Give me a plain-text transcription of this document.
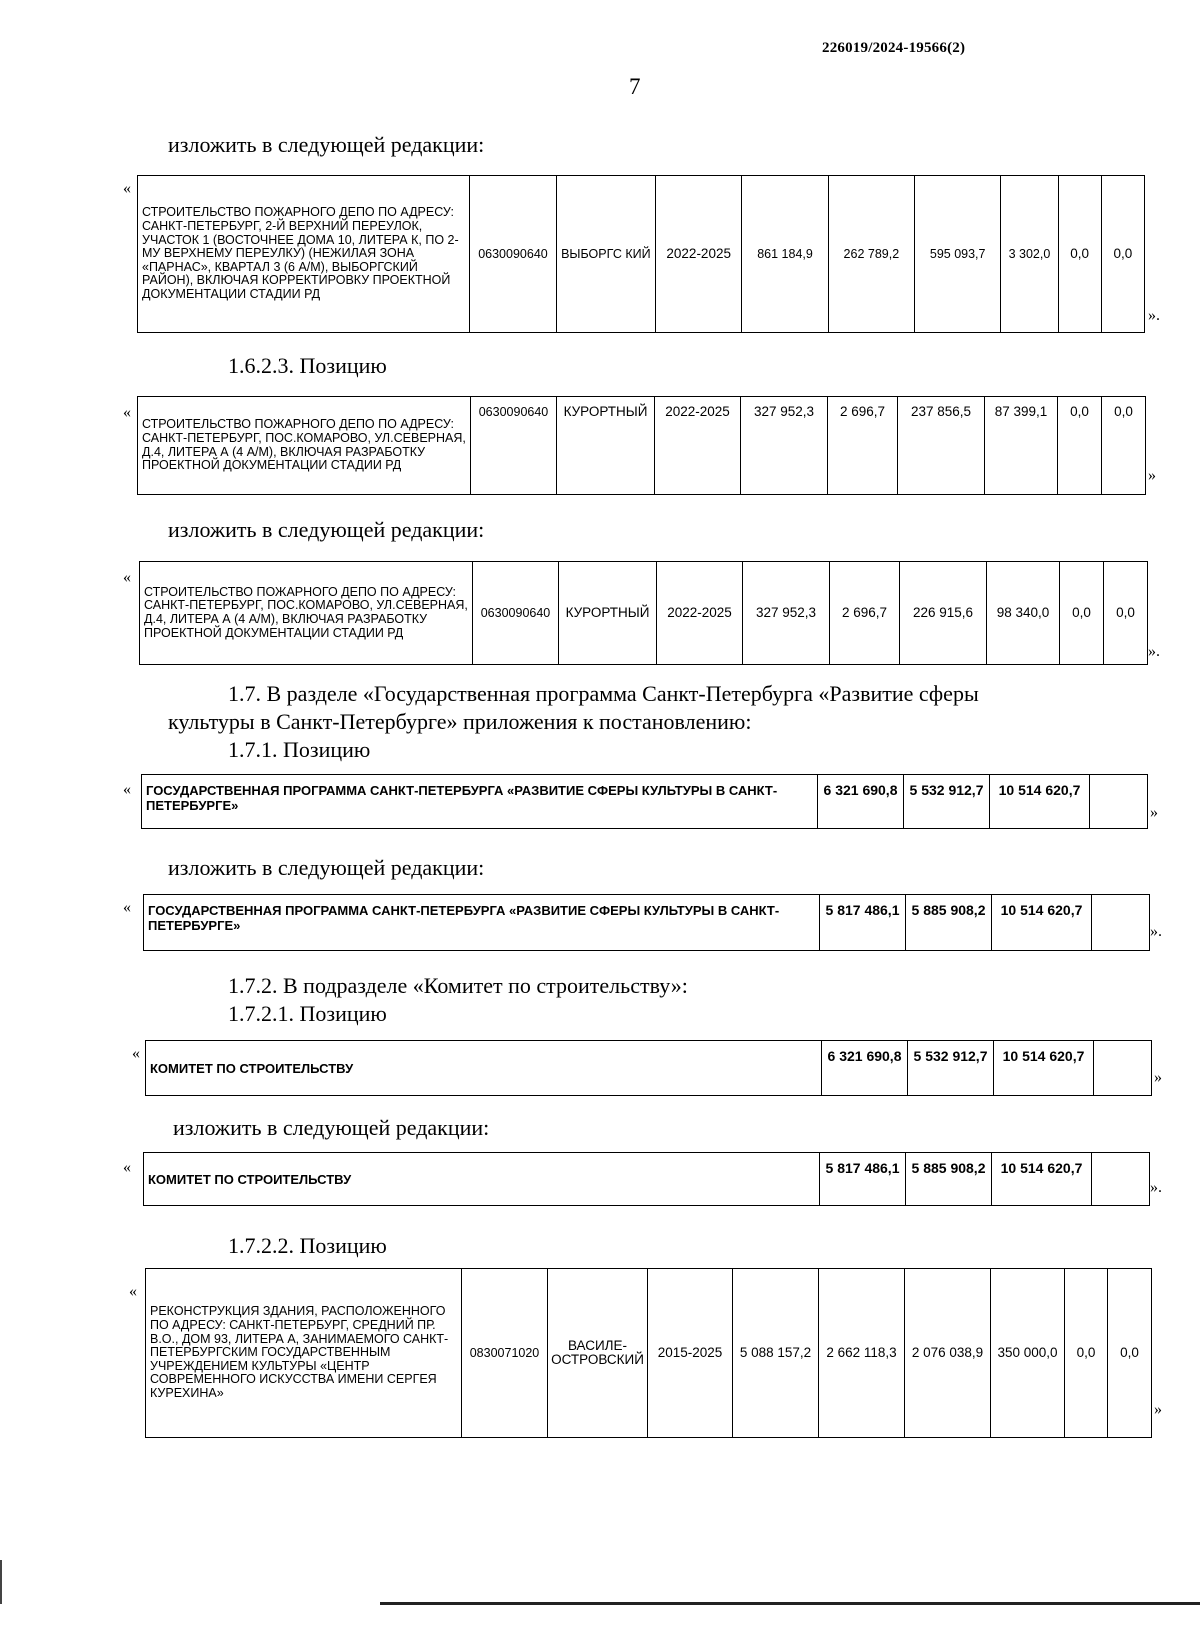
226019/2024-19566(2)
7
изложить в следующей редакции:
«
СТРОИТЕЛЬСТВО ПОЖАРНОГО ДЕПО ПО АДРЕСУ: САНКТ-ПЕТЕРБУРГ, 2-Й ВЕРХНИЙ ПЕРЕУЛОК, УЧАСТОК 1 (ВОСТОЧНЕЕ ДОМА 10, ЛИТЕРА К, ПО 2-МУ ВЕРХНЕМУ ПЕРЕУЛКУ) (НЕЖИЛАЯ ЗОНА «ПАРНАС», КВАРТАЛ 3 (6 А/М), ВЫБОРГСКИЙ РАЙОН), ВКЛЮЧАЯ КОРРЕКТИРОВКУ ПРОЕКТНОЙ ДОКУМЕНТАЦИИ СТАДИИ РД	0630090640	ВЫБОРГС КИЙ	2022-2025	861 184,9	262 789,2	595 093,7	3 302,0	0,0	0,0
».
1.6.2.3. Позицию
«
СТРОИТЕЛЬСТВО ПОЖАРНОГО ДЕПО ПО АДРЕСУ: САНКТ-ПЕТЕРБУРГ, ПОС.КОМАРОВО, УЛ.СЕВЕРНАЯ, Д.4, ЛИТЕРА А (4 А/М), ВКЛЮЧАЯ РАЗРАБОТКУ ПРОЕКТНОЙ ДОКУМЕНТАЦИИ СТАДИИ РД	0630090640	КУРОРТНЫЙ	2022-2025	327 952,3	2 696,7	237 856,5	87 399,1	0,0	0,0
»
изложить в следующей редакции:
«
СТРОИТЕЛЬСТВО ПОЖАРНОГО ДЕПО ПО АДРЕСУ: САНКТ-ПЕТЕРБУРГ, ПОС.КОМАРОВО, УЛ.СЕВЕРНАЯ, Д.4, ЛИТЕРА А (4 А/М), ВКЛЮЧАЯ РАЗРАБОТКУ ПРОЕКТНОЙ ДОКУМЕНТАЦИИ СТАДИИ РД	0630090640	КУРОРТНЫЙ	2022-2025	327 952,3	2 696,7	226 915,6	98 340,0	0,0	0,0
».
1.7. В разделе «Государственная программа Санкт-Петербурга «Развитие сферы
культуры в Санкт-Петербурге» приложения к постановлению:
1.7.1. Позицию
« ГОСУДАРСТВЕННАЯ ПРОГРАММА САНКТ-ПЕТЕРБУРГА «РАЗВИТИЕ СФЕРЫ КУЛЬТУРЫ В САНКТ-ПЕТЕРБУРГЕ»	6 321 690,8	5 532 912,7	10 514 620,7	
»
изложить в следующей редакции:
« ГОСУДАРСТВЕННАЯ ПРОГРАММА САНКТ-ПЕТЕРБУРГА «РАЗВИТИЕ СФЕРЫ КУЛЬТУРЫ В САНКТ-ПЕТЕРБУРГЕ»	5 817 486,1	5 885 908,2	10 514 620,7	
».
1.7.2. В подразделе «Комитет по строительству»:
1.7.2.1. Позицию
«
КОМИТЕТ ПО СТРОИТЕЛЬСТВУ	6 321 690,8	5 532 912,7	10 514 620,7	
»
изложить в следующей редакции:
«
КОМИТЕТ ПО СТРОИТЕЛЬСТВУ	5 817 486,1	5 885 908,2	10 514 620,7	
».
1.7.2.2. Позицию
«
РЕКОНСТРУКЦИЯ ЗДАНИЯ, РАСПОЛОЖЕННОГО ПО АДРЕСУ: САНКТ-ПЕТЕРБУРГ, СРЕДНИЙ ПР. В.О., ДОМ 93, ЛИТЕРА А, ЗАНИМАЕМОГО САНКТ-ПЕТЕРБУРГСКИМ ГОСУДАРСТВЕННЫМ УЧРЕЖДЕНИЕМ КУЛЬТУРЫ «ЦЕНТР СОВРЕМЕННОГО ИСКУССТВА ИМЕНИ СЕРГЕЯ КУРЕХИНА»	0830071020	ВАСИЛЕ-ОСТРОВСКИЙ	2015-2025	5 088 157,2	2 662 118,3	2 076 038,9	350 000,0	0,0	0,0
»
